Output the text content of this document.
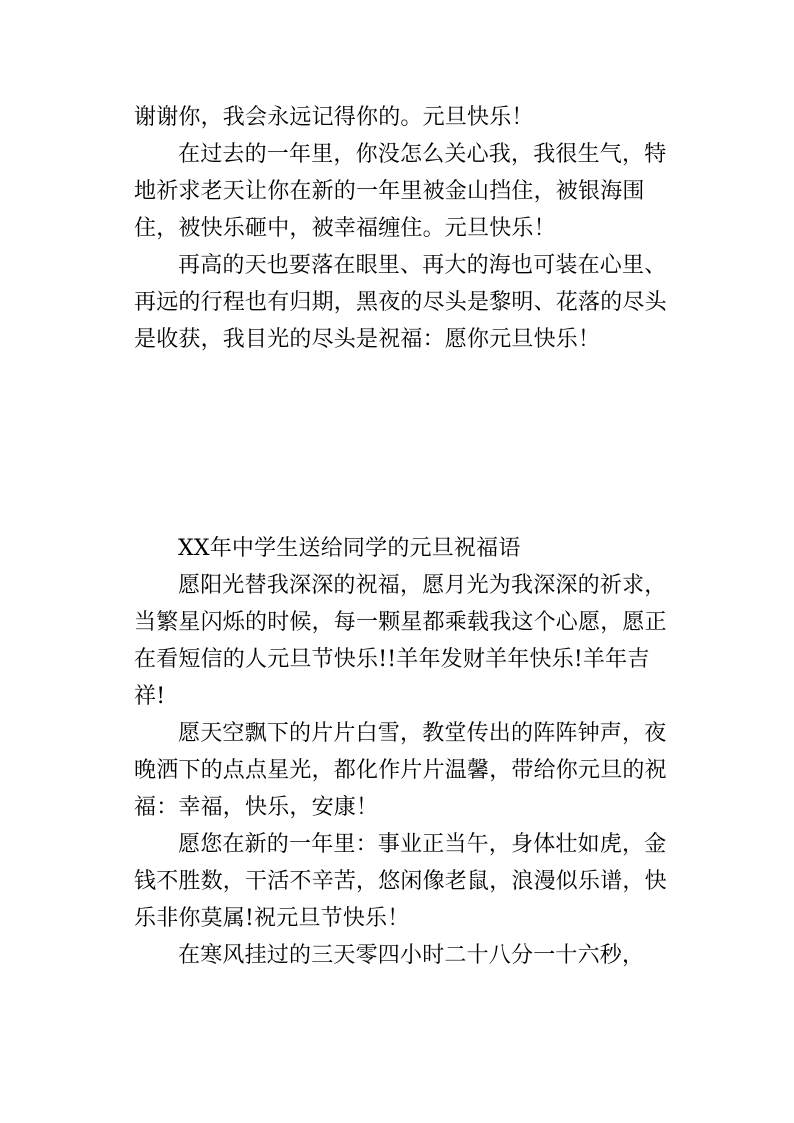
谢谢你，我会永远记得你的。元旦快乐！

在过去的一年里，你没怎么关心我，我很生气，特地祈求老天让你在新的一年里被金山挡住，被银海围住，被快乐砸中，被幸福缠住。元旦快乐！

再高的天也要落在眼里、再大的海也可装在心里、再远的行程也有归期，黑夜的尽头是黎明、花落的尽头是收获，我目光的尽头是祝福：愿你元旦快乐！

XX年中学生送给同学的元旦祝福语

愿阳光替我深深的祝福，愿月光为我深深的祈求，当繁星闪烁的时候，每一颗星都乘载我这个心愿，愿正在看短信的人元旦节快乐!!羊年发财羊年快乐!羊年吉祥!

愿天空飘下的片片白雪，教堂传出的阵阵钟声，夜晚洒下的点点星光，都化作片片温馨，带给你元旦的祝福：幸福，快乐，安康！

愿您在新的一年里：事业正当午，身体壮如虎，金钱不胜数，干活不辛苦，悠闲像老鼠，浪漫似乐谱，快乐非你莫属!祝元旦节快乐！

在寒风挂过的三天零四小时二十八分一十六秒，
